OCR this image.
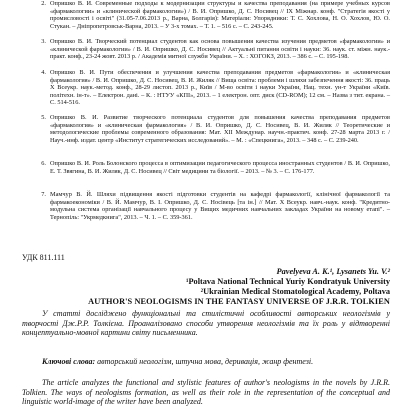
2. Опришко В. И. Современные подходы к модернизации структуры и качества преподавания (на примере учебных курсов «фармакологии» и «клинической фармакологии») / В. И. Опришко, Д. С. Носивец // IX Міжнар. конф. "Стратегія якості у промисловості і освіті" (31.05-7.06.2013 р., Варна, Болгарія): Матеріали: Упорядники: Т. С. Хохлова, Н. О. Хохлов, Ю. О. Стукан. – Дніпропетровськ-Варна, 2013. – У 3-х томах. – Т. 1. – 516 с. – С. 243-245.
3. Опришко В. И. Творческий потенциал студентов как основа повышения качества изучения предметов «фармакологии» и «клинической фармакологии» / В. И. Опришко, Д. С. Носивец // Актуальні питання освіти і науки: 36. наук. ст. міжн. наук.-практ. конф., 23-24 жовт. 2013 р. / Академія митної служби України. – Х. : ХОГОКЗ, 2013. – 386 с. – С. 195-198.
4. Опришко В. И. Пути обеспечения и улучшения качества преподавания предметов «фармакология» и «клиническая фармакология» / В. И. Опришко, Д. С. Носивец, В. И. Жиляк // Вища освіта: проблеми і шляхи забезпечення якості: 36. праць Х Всеукр. наук.-метод. конф., 28-29 листоп. 2013 р., Київ / М-во освіти і науки України, Нац. техн. ун-т України «Київ. політехн. ін-т». – Електрон. дані. – К. : НТУУ «КПІ», 2013. – 1 електрон. опт. диск (CD-ROM); 12 см. – Назва з тит. екрана. – С. 514-516.
5. Опришко В. И. Развитие творческого потенциала студентов для повышения качества преподавания предметов «фармакология» и «клиническая фармакология» / В. И. Опришко, Д. С. Носивец, В. И. Жиляк // Теоретические и методологические проблемы современного образования: Мат. XII Междунар. научн.-практич. конф. 27-28 марта 2013 г. / Науч.-инф. издат. центр «Институт стратегических исследований». – М. : «Спецкнига», 2013. – 348 с. – С. 239-240.
6. Опришко В. И. Роль Болонского процесса в оптимизации педагогического процесса иностранных студентов / В. И. Опришко, Е. Т. Звягина, В. И. Жиляк, Д. С. Носивец // Світ медицини та біології. – 2013. – № 3. – С. 176-177.
7. Мамчур В. Й. Шляхи підвищення якості підготовки студентів на кафедрі фармакології, клінічної фармакології та фармакоекономіки / В. Й. Мамчур, В. І. Опришко, Д. С. Носівець [та ін.] // Мат. Х Всеукр. навч.-наук. конф. "Кредитно-модульна система організації навчального процесу у Вищих медичних навчальних закладах України на новому етапі". – Тернопіль: "Укрмедкнига", 2013. – Ч. 1. – С. 359-361.
УДК 811.111
Pavelyeva A. K.¹, Lysanets Yu. V.²
¹Poltava National Technical Yuriy Kondratyuk University
²Ukrainian Medical Stomatological Academy, Poltava
AUTHOR'S NEOLOGISMS IN THE FANTASY UNIVERSE OF J.R.R. TOLKIEN
У статті досліджено функціональні та стилістичні особливості авторських неологізмів у творчості Дж.Р.Р. Толкієна. Проаналізовано способи утворення неологізмів та їх роль у відтворенні концептуально-мовної картини світу письменника.
Ключові слова: авторський неологізм, штучна мова, деривація, жанр фентезі.
The article analyzes the functional and stylistic features of author's neologisms in the novels by J.R.R. Tolkien. The ways of neologisms formation, as well as their role in the representation of the conceptual and linguistic world-image of the writer have been analyzed.
